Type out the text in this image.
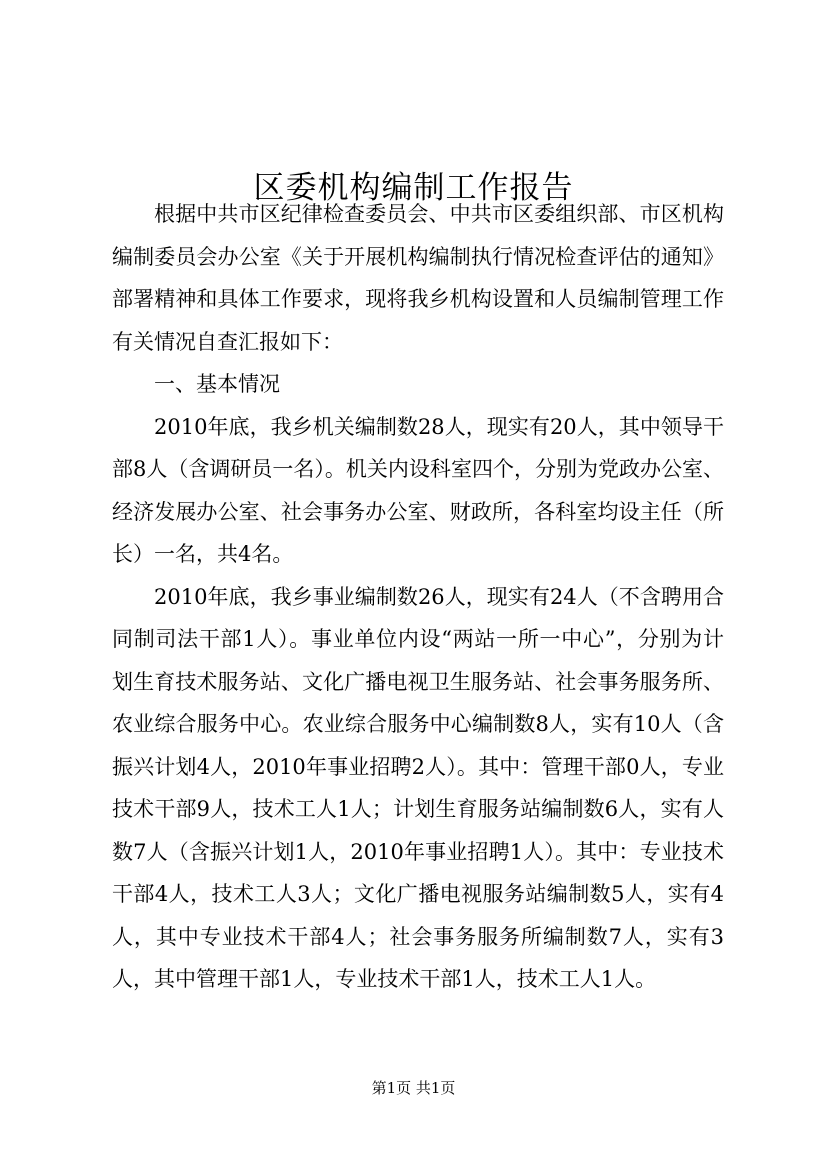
区委机构编制工作报告

根据中共市区纪律检查委员会、中共市区委组织部、市区机构编制委员会办公室《关于开展机构编制执行情况检查评估的通知》部署精神和具体工作要求，现将我乡机构设置和人员编制管理工作有关情况自查汇报如下：

一、基本情况

2010年底，我乡机关编制数28人，现实有20人，其中领导干部8人（含调研员一名）。机关内设科室四个，分别为党政办公室、经济发展办公室、社会事务办公室、财政所，各科室均设主任（所长）一名，共4名。

2010年底，我乡事业编制数26人，现实有24人（不含聘用合同制司法干部1人）。事业单位内设“两站一所一中心”，分别为计划生育技术服务站、文化广播电视卫生服务站、社会事务服务所、农业综合服务中心。农业综合服务中心编制数8人，实有10人（含振兴计划4人，2010年事业招聘2人）。其中：管理干部0人，专业技术干部9人，技术工人1人；计划生育服务站编制数6人，实有人数7人（含振兴计划1人，2010年事业招聘1人）。其中：专业技术干部4人，技术工人3人；文化广播电视服务站编制数5人，实有4人，其中专业技术干部4人；社会事务服务所编制数7人，实有3人，其中管理干部1人，专业技术干部1人，技术工人1人。

第1页 共1页
